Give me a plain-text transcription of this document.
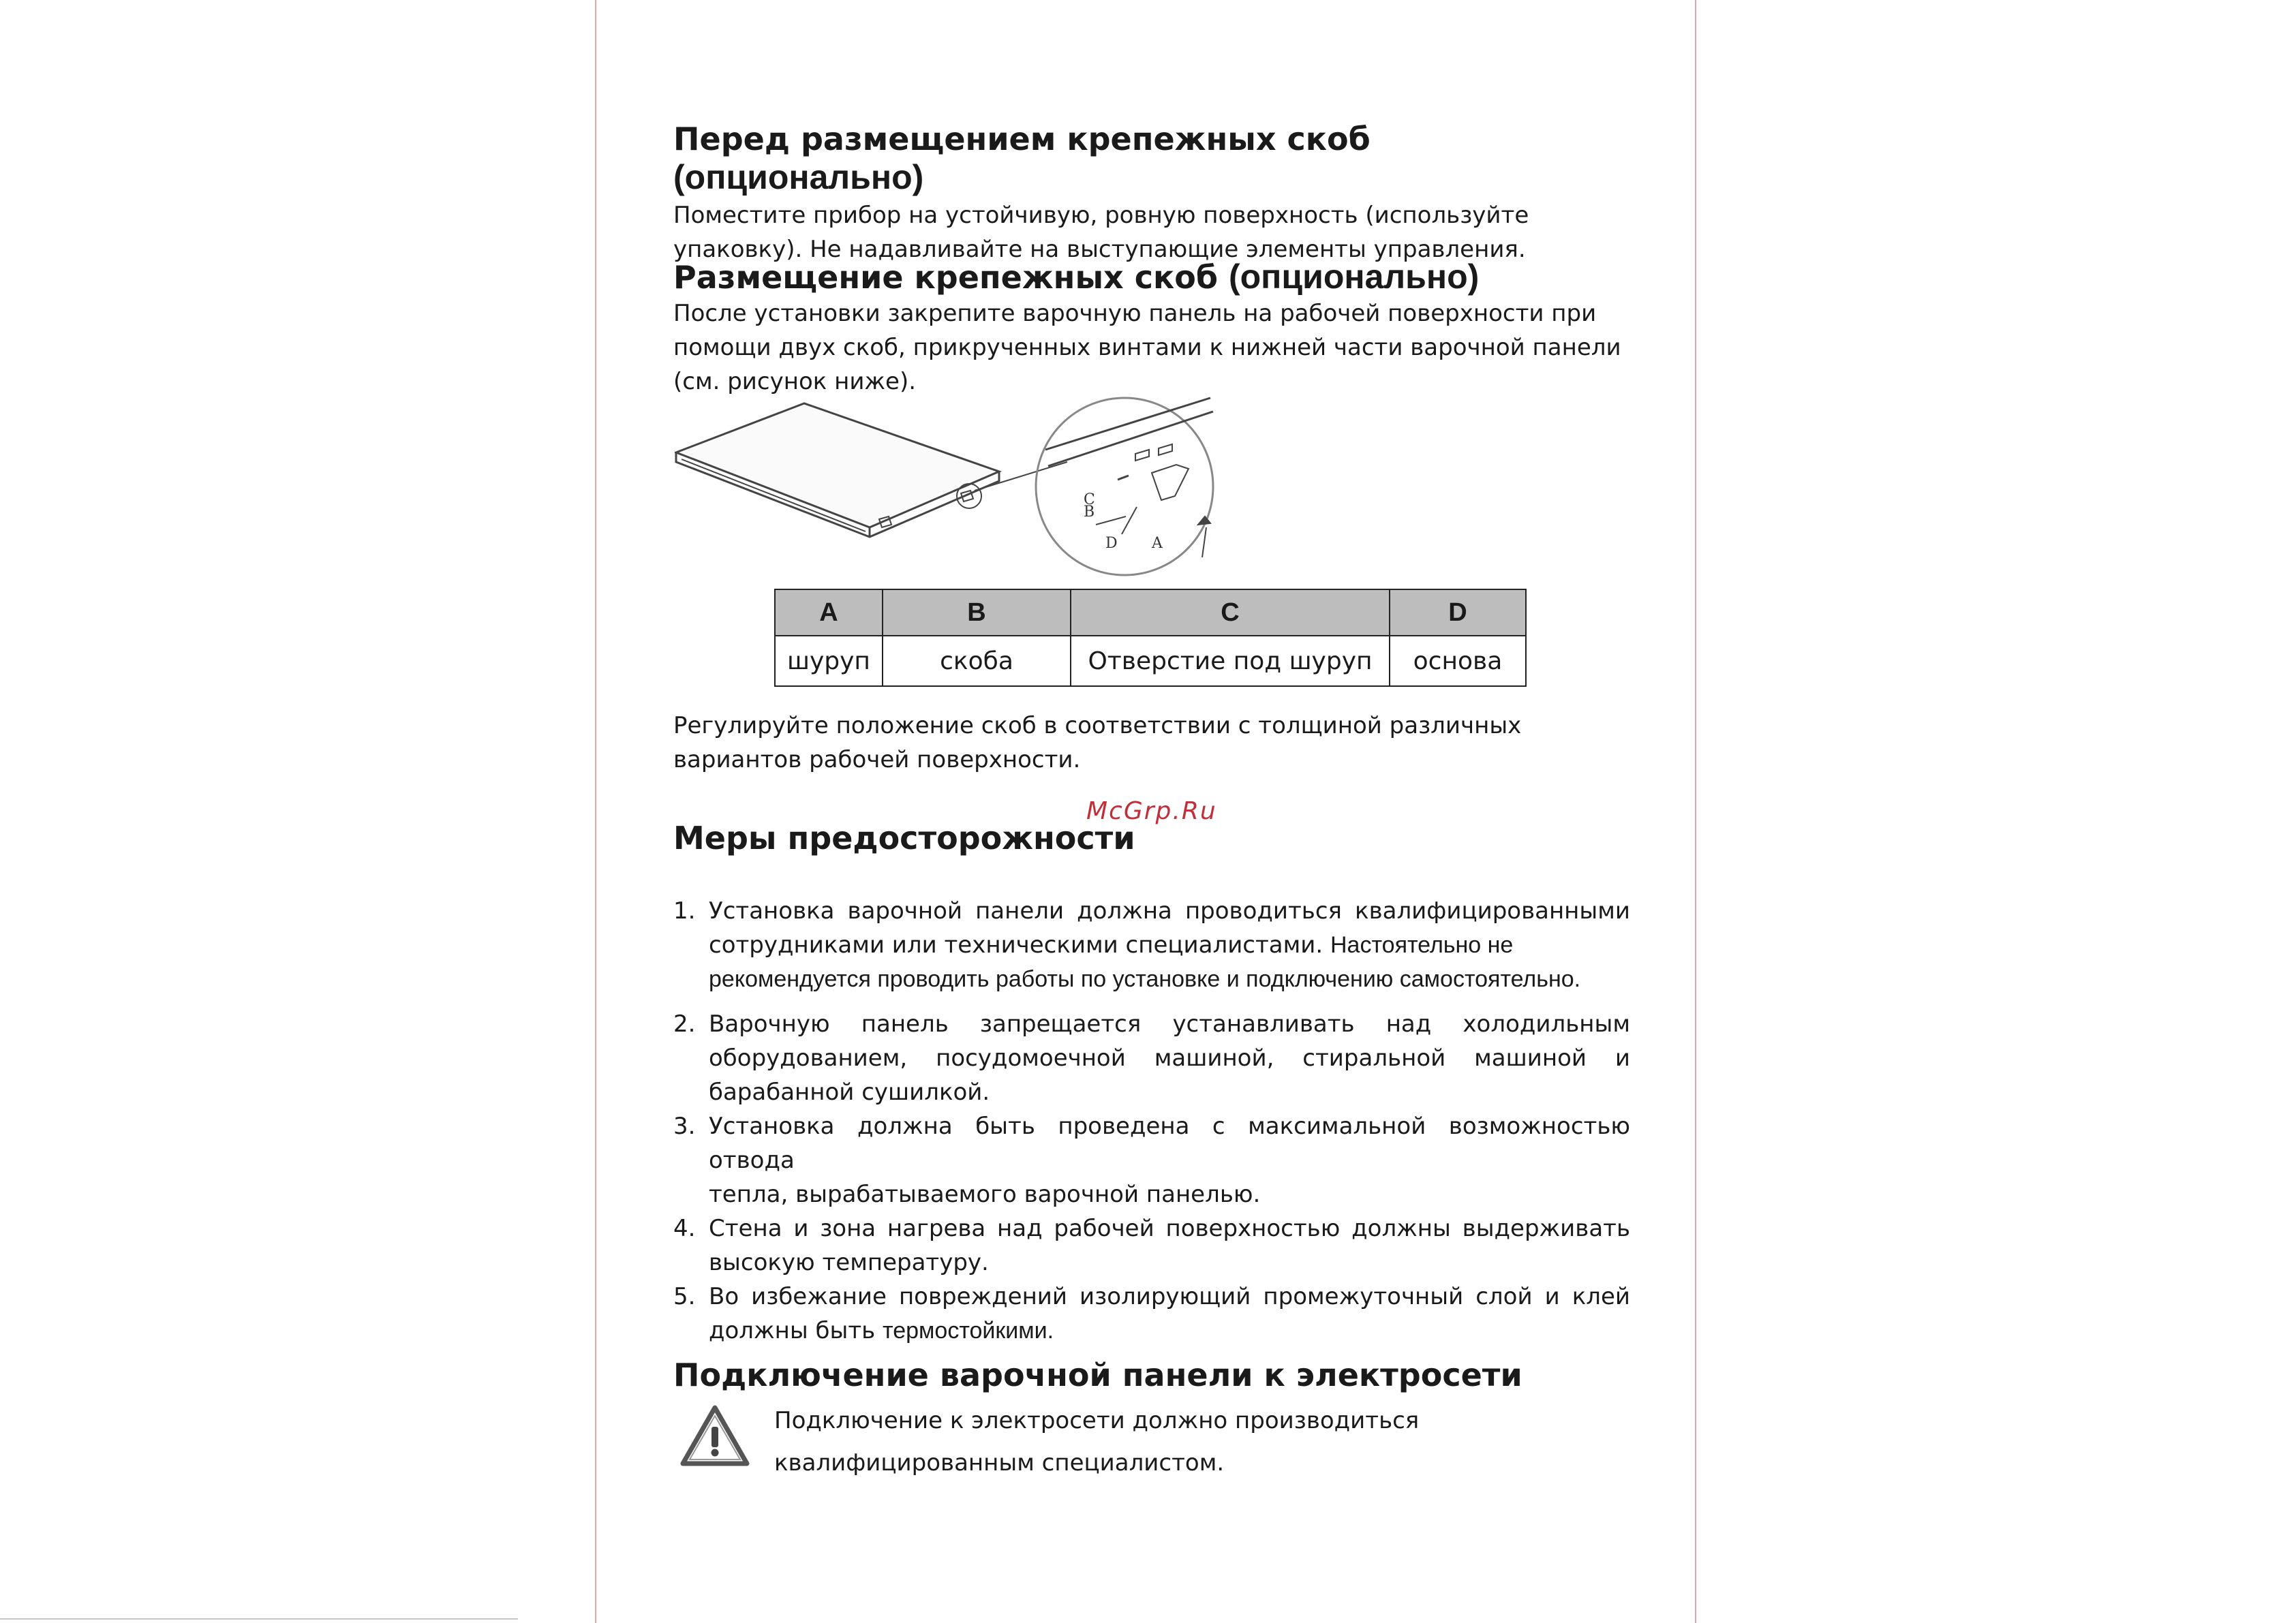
Перед размещением крепежных скоб (опционально)

Поместите прибор на устойчивую, ровную поверхность (используйте

упаковку). Не надавливайте на выступающие элементы управления.

Размещение крепежных скоб (опционально)

После установки закрепите варочную панель на рабочей поверхности при

помощи двух скоб, прикрученных винтами к нижней части варочной панели

(см. рисунок ниже).

C
B
D A
A	B	C	D
шуруп	скоба	Отверстие под шуруп	основа

Регулируйте положение скоб в соответствии с толщиной различных

вариантов рабочей поверхности.

McGrp.Ru
Меры предосторожности
1. Установка варочной панели должна проводиться квалифицированными
сотрудниками или техническими специалистами. Настоятельно не
рекомендуется проводить работы по установке и подключению самостоятельно.
2. Варочную панель запрещается устанавливать над холодильным
оборудованием, посудомоечной машиной, стиральной машиной и
барабанной сушилкой.
3. Установка должна быть проведена с максимальной возможностью отвода
тепла, вырабатываемого варочной панелью.
4. Стена и зона нагрева над рабочей поверхностью должны выдерживать
высокую температуру.
5. Во избежание повреждений изолирующий промежуточный слой и клей
должны быть термостойкими.
Подключение варочной панели к электросети

Подключение к электросети должно производиться

квалифицированным специалистом.
